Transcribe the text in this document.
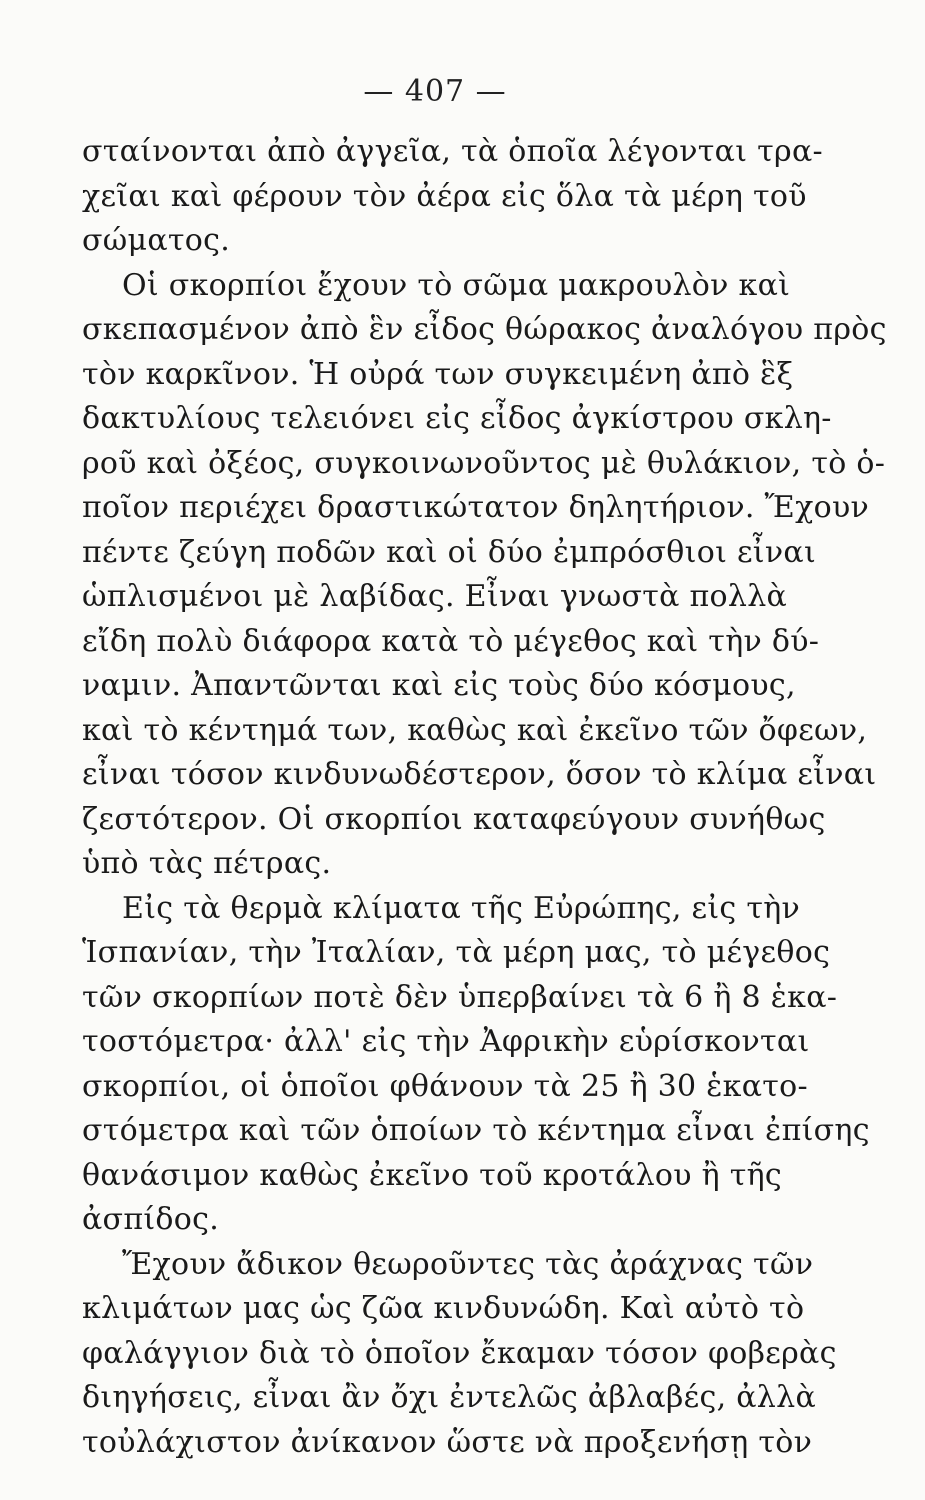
— 407 —
σταίνονται ἀπὸ ἀγγεῖα, τὰ ὁποῖα λέγονται τρα-
χεῖαι καὶ φέρουν τὸν ἀέρα εἰς ὅλα τὰ μέρη τοῦ
σώματος.
Οἱ σκορπίοι ἔχουν τὸ σῶμα μακρουλὸν καὶ
σκεπασμένον ἀπὸ ἓν εἶδος θώρακος ἀναλόγου πρὸς
τὸν καρκῖνον. Ἡ οὐρά των συγκειμένη ἀπὸ ἓξ
δακτυλίους τελειόνει εἰς εἶδος ἀγκίστρου σκλη-
ροῦ καὶ ὀξέος, συγκοινωνοῦντος μὲ θυλάκιον, τὸ ὁ-
ποῖον περιέχει δραστικώτατον δηλητήριον. Ἔχουν
πέντε ζεύγη ποδῶν καὶ οἱ δύο ἐμπρόσθιοι εἶναι
ὡπλισμένοι μὲ λαβίδας. Εἶναι γνωστὰ πολλὰ
εἴδη πολὺ διάφορα κατὰ τὸ μέγεθος καὶ τὴν δύ-
ναμιν. Ἀπαντῶνται καὶ εἰς τοὺς δύο κόσμους,
καὶ τὸ κέντημά των, καθὼς καὶ ἐκεῖνο τῶν ὄφεων,
εἶναι τόσον κινδυνωδέστερον, ὅσον τὸ κλίμα εἶναι
ζεστότερον. Οἱ σκορπίοι καταφεύγουν συνήθως
ὑπὸ τὰς πέτρας.
Εἰς τὰ θερμὰ κλίματα τῆς Εὐρώπης, εἰς τὴν
Ἱσπανίαν, τὴν Ἰταλίαν, τὰ μέρη μας, τὸ μέγεθος
τῶν σκορπίων ποτὲ δὲν ὑπερβαίνει τὰ 6 ἢ 8 ἑκα-
τοστόμετρα· ἀλλ' εἰς τὴν Ἀφρικὴν εὑρίσκονται
σκορπίοι, οἱ ὁποῖοι φθάνουν τὰ 25 ἢ 30 ἑκατο-
στόμετρα καὶ τῶν ὁποίων τὸ κέντημα εἶναι ἐπίσης
θανάσιμον καθὼς ἐκεῖνο τοῦ κροτάλου ἢ τῆς
ἀσπίδος.
Ἔχουν ἄδικον θεωροῦντες τὰς ἀράχνας τῶν
κλιμάτων μας ὡς ζῶα κινδυνώδη. Καὶ αὐτὸ τὸ
φαλάγγιον διὰ τὸ ὁποῖον ἔκαμαν τόσον φοβερὰς
διηγήσεις, εἶναι ἂν ὄχι ἐντελῶς ἀβλαβές, ἀλλὰ
τοὐλάχιστον ἀνίκανον ὥστε νὰ προξενήσῃ τὸν
